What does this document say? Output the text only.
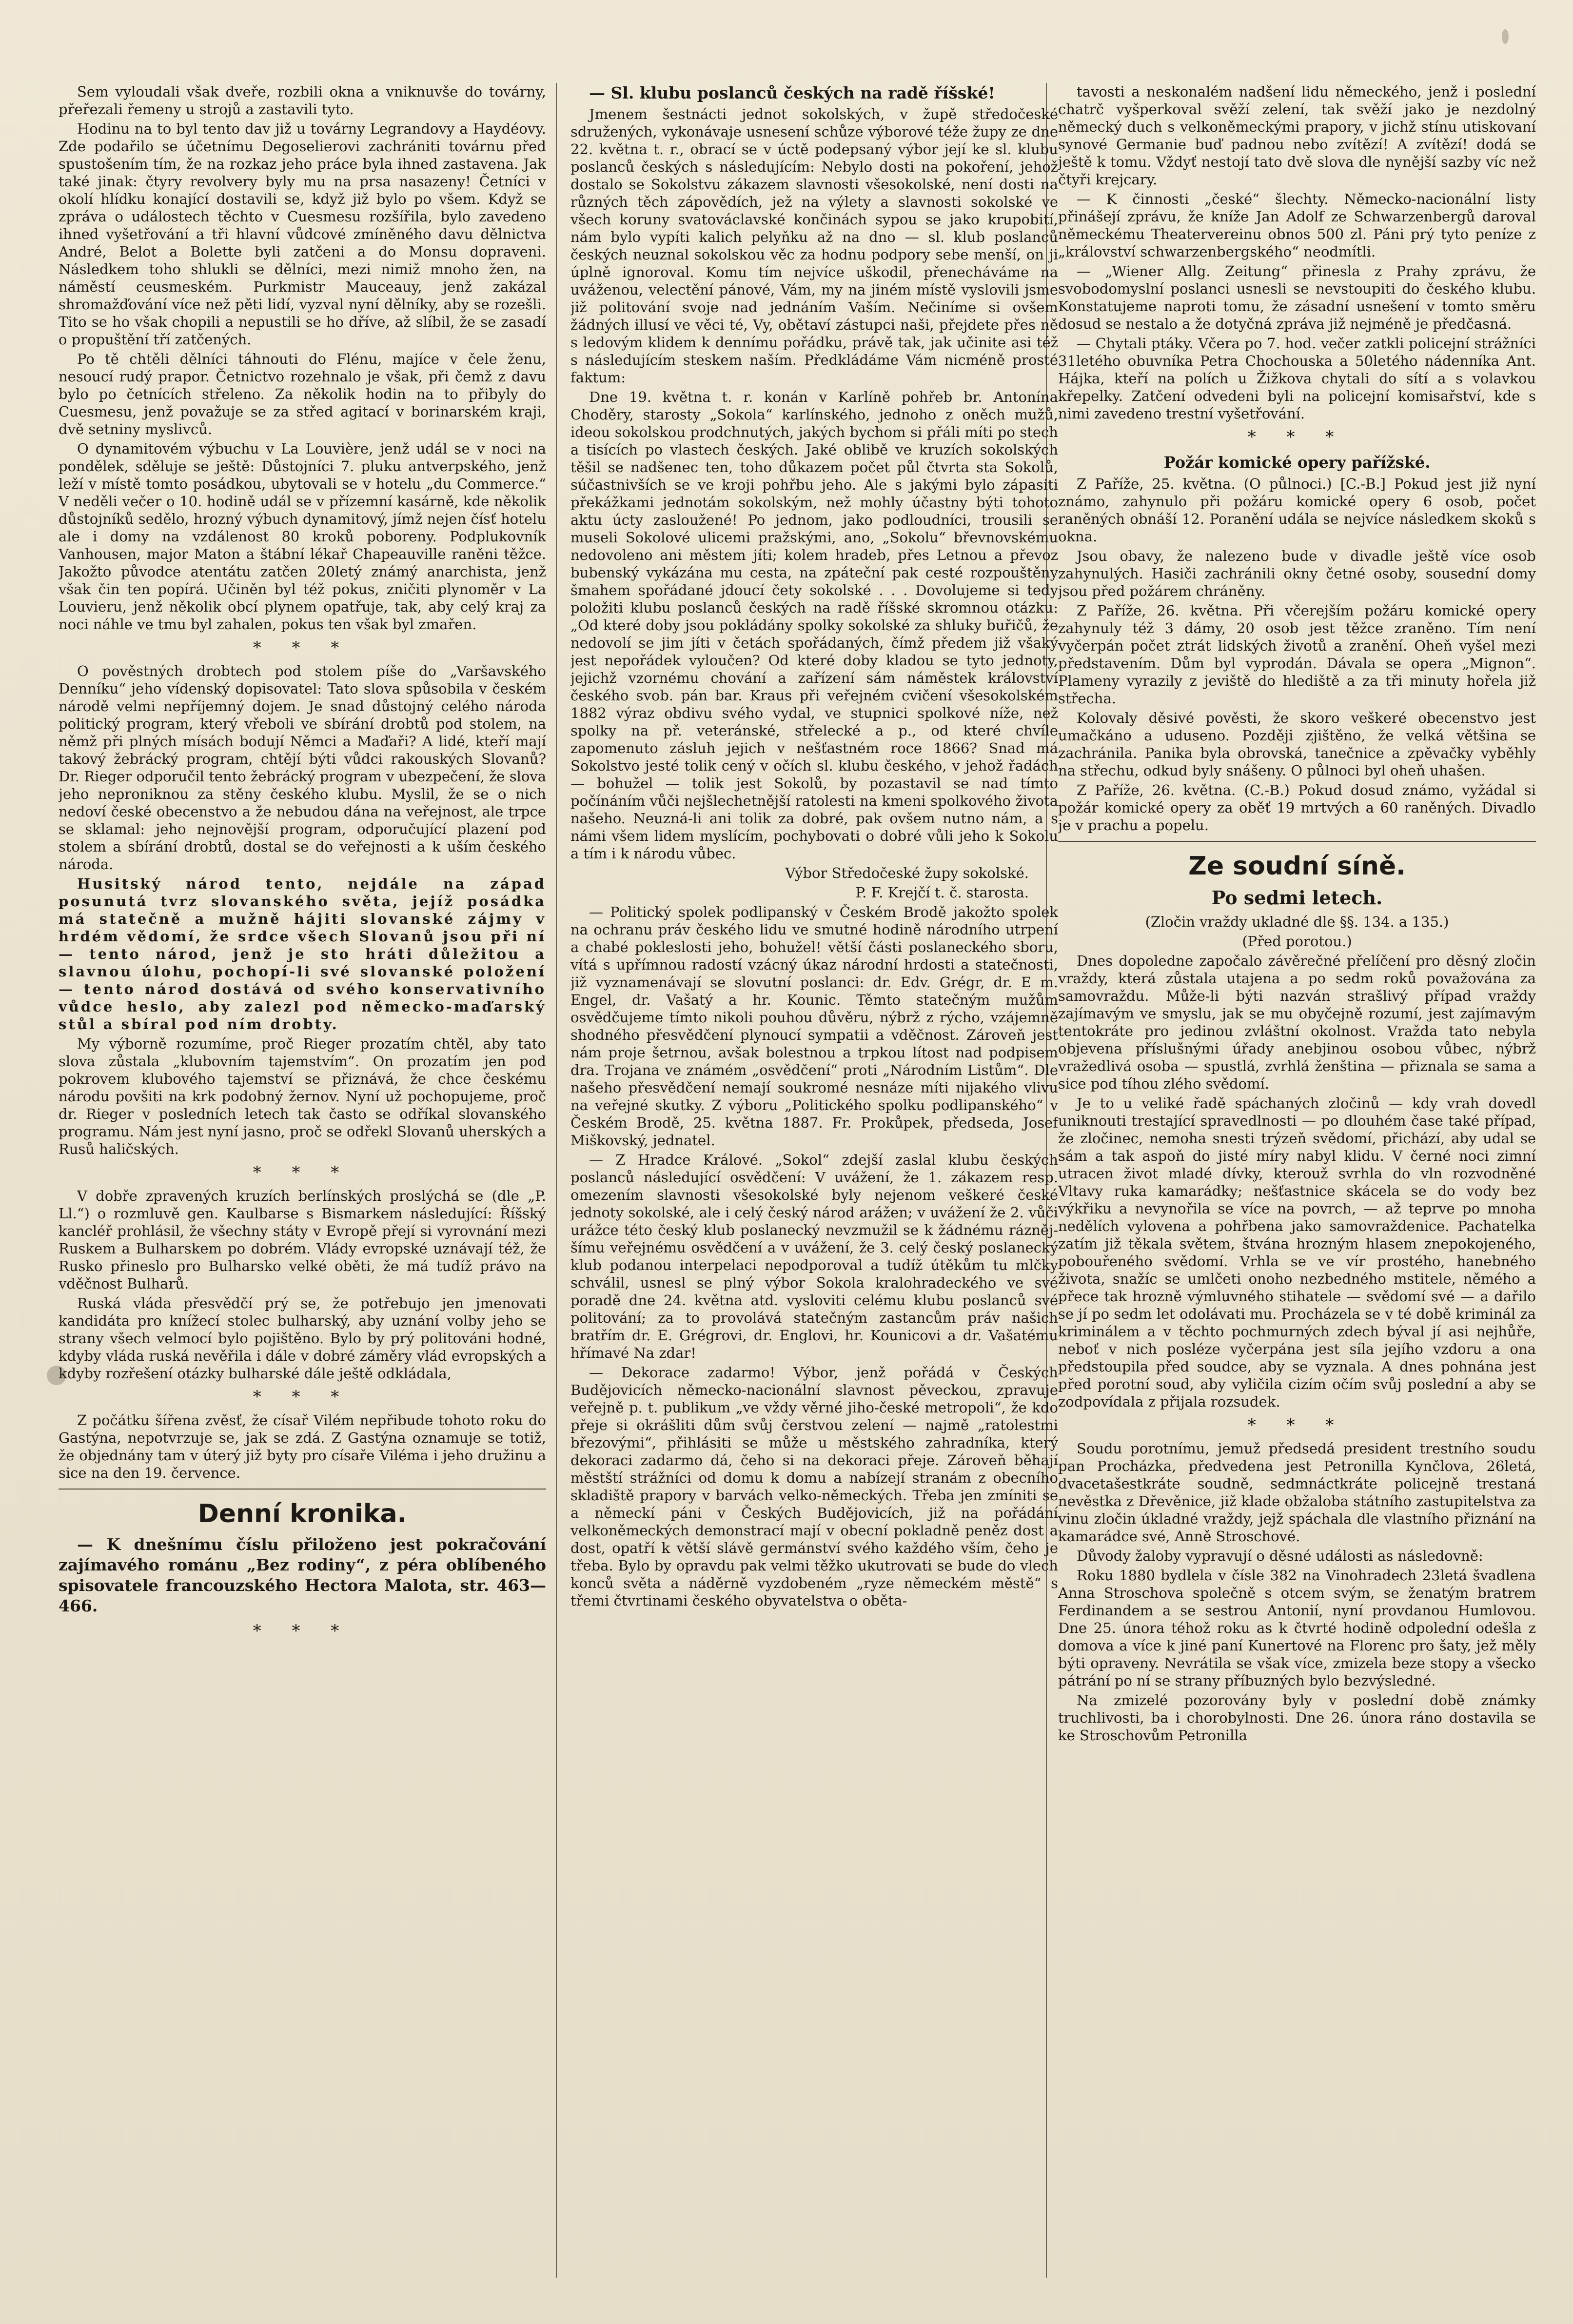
Sem vyloudali však dveře, rozbili okna a vniknuvše do továrny, přeřezali řemeny u strojů a zastavili tyto.

Hodinu na to byl tento dav již u továrny Legrandovy a Haydéovy. Zde podařilo se účetnímu Degoselierovi zachrániti továrnu před spustošením tím, že na rozkaz jeho práce byla ihned zastavena. Jak také jinak: čtyry revolvery byly mu na prsa nasazeny! Četníci v okolí hlídku konající dostavili se, když již bylo po všem. Když se zpráva o událostech těchto v Cuesmesu rozšířila, bylo zavedeno ihned vyšetřování a tři hlavní vůdcové zmíněného davu dělnictva André, Belot a Bolette byli zatčeni a do Monsu dopraveni. Následkem toho shlukli se dělníci, mezi nimiž mnoho žen, na náměstí ceusmeském. Purkmistr Mauceauy, jenž zakázal shromažďování více než pěti lidí, vyzval nyní dělníky, aby se rozešli. Tito se ho však chopili a nepustili se ho dříve, až slíbil, že se zasadí o propuštění tří zatčených.

Po tě chtěli dělníci táhnouti do Flénu, majíce v čele ženu, nesoucí rudý prapor. Četnictvo rozehnalo je však, při čemž z davu bylo po četnících střeleno. Za několik hodin na to přibyly do Cuesmesu, jenž považuje se za střed agitací v borinarském kraji, dvě setniny myslivců.

O dynamitovém výbuchu v La Louvière, jenž udál se v noci na pondělek, sděluje se ještě: Důstojníci 7. pluku antverpského, jenž leží v místě tomto posádkou, ubytovali se v hotelu „du Commerce.“ V neděli večer o 10. hodině udál se v přízemní kasárně, kde několik důstojníků sedělo, hrozný výbuch dynamitový, jímž nejen čísť hotelu ale i domy na vzdálenost 80 kroků poboreny. Podplukovník Vanhousen, major Maton a štábní lékař Chapeauville raněni těžce. Jakožto původce atentátu zatčen 20letý známý anarchista, jenž však čin ten popírá. Učiněn byl též pokus, zničiti plynoměr v La Louvieru, jenž několik obcí plynem opatřuje, tak, aby celý kraj za noci náhle ve tmu byl zahalen, pokus ten však byl zmařen.

* * *

O pověstných drobtech pod stolem píše do „Varšavského Denníku“ jeho vídenský dopisovatel: Tato slova spůsobila v českém národě velmi nepříjemný dojem. Je snad důstojný celého národa politický program, který vřeboli ve sbírání drobtů pod stolem, na němž při plných mísách bodují Němci a Maďaři? A lidé, kteří mají takový žebrácký program, chtějí býti vůdci rakouských Slovanů? Dr. Rieger odporučil tento žebrácký program v ubezpečení, že slova jeho neproniknou za stěny českého klubu. Myslil, že se o nich nedoví české obecenstvo a že nebudou dána na veřejnost, ale trpce se sklamal: jeho nejnovější program, odporučující plazení pod stolem a sbírání drobtů, dostal se do veřejnosti a k uším českého národa.

Husitský národ tento, nejdále na západ posunutá tvrz slovanského světa, jejíž posádka má statečně a mužně hájiti slovanské zájmy v hrdém vědomí, že srdce všech Slovanů jsou při ní — tento národ, jenž je sto hráti důležitou a slavnou úlohu, pochopí-li své slovanské položení — tento národ dostává od svého konservativního vůdce heslo, aby zalezl pod německo-maďarský stůl a sbíral pod ním drobty.

My výborně rozumíme, proč Rieger prozatím chtěl, aby tato slova zůstala „klubovním tajemstvím“. On prozatím jen pod pokrovem klubového tajemství se přiznává, že chce českému národu povšiti na krk podobný žernov. Nyní už pochopujeme, proč dr. Rieger v posledních letech tak často se odříkal slovanského programu. Nám jest nyní jasno, proč se odřekl Slovanů uherských a Rusů haličských.

* * *

V dobře zpravených kruzích berlínských proslýchá se (dle „P. Ll.“) o rozmluvě gen. Kaulbarse s Bismarkem následující: Říšský kancléř prohlásil, že všechny státy v Evropě přejí si vyrovnání mezi Ruskem a Bulharskem po dobrém. Vlády evropské uznávají též, že Rusko přineslo pro Bulharsko velké oběti, že má tudíž právo na vděčnost Bulharů.

Ruská vláda přesvědčí prý se, že potřebujo jen jmenovati kandidáta pro knížecí stolec bulharský, aby uznání volby jeho se strany všech velmocí bylo pojištěno. Bylo by prý politováni hodné, kdyby vláda ruská nevěřila i dále v dobré záměry vlád evropských a kdyby rozřešení otázky bulharské dále ještě odkládala,

* * *

Z počátku šířena zvěsť, že císař Vilém nepřibude tohoto roku do Gastýna, nepotvrzuje se, jak se zdá. Z Gastýna oznamuje se totiž, že objednány tam v úterý již byty pro císaře Viléma i jeho družinu a sice na den 19. července.

Denní kronika.

— K dnešnímu číslu přiloženo jest pokračování zajímavého románu „Bez rodiny“, z péra oblíbeného spisovatele francouzského Hectora Malota, str. 463—466.

* * *

— Sl. klubu poslanců českých na radě říšské!

Jmenem šestnácti jednot sokolských, v župě středočeské sdružených, vykonávaje usnesení schůze výborové téže župy ze dne 22. května t. r., obrací se v úctě podepsaný výbor její ke sl. klubu poslanců českých s následujícím: Nebylo dosti na pokoření, jehož dostalo se Sokolstvu zákazem slavnosti všesokolské, není dosti na různých těch zápovědích, jež na výlety a slavnosti sokolské ve všech koruny svatováclavské končinách sypou se jako krupobití, nám bylo vypíti kalich pelyňku až na dno — sl. klub poslanců českých neuznal sokolskou věc za hodnu podpory sebe menší, on ji úplně ignoroval. Komu tím nejvíce uškodil, přenecháváme na uváženou, velectění pánové, Vám, my na jiném místě vyslovili jsme již politování svoje nad jednáním Vaším. Nečiníme si ovšem žádných illusí ve věci té, Vy, obětaví zástupci naši, přejdete přes ně s ledovým klidem k dennímu pořádku, právě tak, jak učinite asi též s následujícím steskem naším. Předkládáme Vám nicméně prosté faktum:

Dne 19. května t. r. konán v Karlíně pohřeb br. Antonína Choděry, starosty „Sokola“ karlínského, jednoho z oněch mužů, ideou sokolskou prodchnutých, jakých bychom si přáli míti po stech a tisících po vlastech českých. Jaké oblibě ve kruzích sokolských těšil se nadšenec ten, toho důkazem počet půl čtvrta sta Sokolů, súčastnivších se ve kroji pohřbu jeho. Ale s jakými bylo zápasiti překážkami jednotám sokolským, než mohly účastny býti tohoto aktu úcty zasloužené! Po jednom, jako podloudníci, trousili se museli Sokolové ulicemi pražskými, ano, „Sokolu“ břevnovskému nedovoleno ani městem jíti; kolem hradeb, přes Letnou a převoz bubenský vykázána mu cesta, na zpáteční pak cesté rozpouštěny šmahem spořádané jdoucí čety sokolské . . . Dovolujeme si tedy položiti klubu poslanců českých na radě říšské skromnou otázku: „Od které doby jsou pokládány spolky sokolské za shluky buřičů, že nedovolí se jim jíti v četách spořádaných, čímž předem již všaký jest nepořádek vyloučen? Od které doby kladou se tyto jednoty, jejichž vzornému chování a zařízení sám náměstek království českého svob. pán bar. Kraus při veřejném cvičení všesokolském 1882 výraz obdivu svého vydal, ve stupnici spolkové níže, než spolky na př. veteránské, střelecké a p., od které chvíle zapomenuto zásluh jejich v nešťastném roce 1866? Snad má Sokolstvo jesté tolik cený v očích sl. klubu českého, v jehož řadách — bohužel — tolik jest Sokolů, by pozastavil se nad tímto počínáním vůči nejšlechetnější ratolesti na kmeni spolkového života našeho. Neuzná-li ani tolik za dobré, pak ovšem nutno nám, a s námi všem lidem myslícím, pochybovati o dobré vůli jeho k Sokolu a tím i k národu vůbec.

Výbor Středočeské župy sokolské.

P. F. Krejčí t. č. starosta.

— Politický spolek podlipanský v Českém Brodě jakožto spolek na ochranu práv českého lidu ve smutné hodině národního utrpení a chabé pokleslosti jeho, bohužel! větší části poslaneckého sboru, vítá s upřímnou radostí vzácný úkaz národní hrdosti a statečnosti, již vyznamenávají se slovutní poslanci: dr. Edv. Grégr, dr. E m. Engel, dr. Vašatý a hr. Kounic. Těmto statečným mužům osvědčujeme tímto nikoli pouhou důvěru, nýbrž z rýcho, vzájemně shodného přesvědčení plynoucí sympatii a vděčnost. Zároveň jest nám proje šetrnou, avšak bolestnou a trpkou lítost nad podpisem dra. Trojana ve známém „osvědčení“ proti „Národním Listům“. Dle našeho přesvědčení nemají soukromé nesnáze míti nijakého vlivu na veřejné skutky. Z výboru „Politického spolku podlipanského“ v Českém Brodě, 25. května 1887. Fr. Prokůpek, předseda, Josef Miškovský, jednatel.

— Z Hradce Králové. „Sokol“ zdejší zaslal klubu českých poslanců následující osvědčení: V uvážení, že 1. zákazem resp. omezením slavnosti všesokolské byly nejenom veškeré české jednoty sokolské, ale i celý český národ arážen; v uvážení že 2. vůči urážce této český klub poslanecký nevzmužil se k žádnému ráznějšímu veřejnému osvědčení a v uvážení, že 3. celý český poslanecký klub podanou interpelaci nepodporoval a tudíž útěkům tu mlčky schválil, usnesl se plný výbor Sokola kralohradeckého ve své poradě dne 24. května atd. vysloviti celému klubu poslanců své politování; za to provolává statečným zastancům práv našich bratřím dr. E. Grégrovi, dr. Englovi, hr. Kounicovi a dr. Vašatému hřímavé Na zdar!

— Dekorace zadarmo! Výbor, jenž pořádá v Českých Budějovicích německo-nacionální slavnost pěveckou, zpravuje veřejně p. t. publikum „ve vždy věrné jiho-české metropoli“, že kdo přeje si okrášliti dům svůj čerstvou zelení — najmě „ratolestmi březovými“, přihlásiti se může u městského zahradníka, který dekoraci zadarmo dá, čeho si na dekoraci přeje. Zároveň běhají městští strážníci od domu k domu a nabízejí stranám z obecního skladiště prapory v barvách velko-německých. Třeba jen zmíniti se a německí páni v Českých Budějovicích, již na pořádání velkoněmeckých demonstrací mají v obecní pokladně peněz dost a dost, opatří k větší slávě germánství svého každého vším, čeho je třeba. Bylo by opravdu pak velmi těžko ukutrovati se bude do vlech konců světa a náděrně vyzdobeném „ryze německém městě“ s třemi čtvrtinami českého obyvatelstva o oběta-

tavosti a neskonalém nadšení lidu německého, jenž i poslední chatrč vyšperkoval svěží zelení, tak svěží jako je nezdolný německý duch s velkoněmeckými prapory, v jichž stínu utiskovaní synové Germanie buď padnou nebo zvítězí! A zvítězí! dodá se ještě k tomu. Vždyť nestojí tato dvě slova dle nynější sazby víc než čtyři krejcary.

— K činnosti „české“ šlechty. Německo-nacionální listy přinášejí zprávu, že kníže Jan Adolf ze Schwarzenbergů daroval německému Theatervereinu obnos 500 zl. Páni prý tyto peníze z „království schwarzenbergského“ neodmítli.

— „Wiener Allg. Zeitung“ přinesla z Prahy zprávu, že svobodomyslní poslanci usnesli se nevstoupiti do českého klubu. Konstatujeme naproti tomu, že zásadní usnešení v tomto směru dosud se nestalo a že dotyčná zpráva již nejméně je předčasná.

— Chytali ptáky. Včera po 7. hod. večer zatkli policejní strážníci 31letého obuvníka Petra Chochouska a 50letého nádenníka Ant. Hájka, kteří na polích u Žižkova chytali do sítí a s volavkou křepelky. Zatčení odvedeni byli na policejní komisařství, kde s nimi zavedeno trestní vyšetřování.

* * *
Požár komické opery pařížské.

Z Paříže, 25. května. (O půlnoci.) [C.-B.] Pokud jest již nyní známo, zahynulo při požáru komické opery 6 osob, počet raněných obnáší 12. Poranění udála se nejvíce následkem skoků s okna.

Jsou obavy, že nalezeno bude v divadle ještě více osob zahynulých. Hasiči zachránili okny četné osoby, sousední domy jsou před požárem chráněny.

Z Paříže, 26. května. Při včerejším požáru komické opery zahynuly též 3 dámy, 20 osob jest těžce zraněno. Tím není vyčerpán počet ztrát lidských životů a zranění. Oheň vyšel mezi představením. Dům byl vyprodán. Dávala se opera „Mignon“. Plameny vyrazily z jeviště do hlediště a za tři minuty hořela již střecha.

Kolovaly děsivé pověsti, že skoro veškeré obecenstvo jest umačkáno a uduseno. Později zjištěno, že velká většina se zachránila. Panika byla obrovská, tanečnice a zpěvačky vyběhly na střechu, odkud byly snášeny. O půlnoci byl oheň uhašen.

Z Paříže, 26. května. (C.-B.) Pokud dosud známo, vyžádal si požár komické opery za oběť 19 mrtvých a 60 raněných. Divadlo je v prachu a popelu.

Ze soudní síně.
Po sedmi letech.
(Zločin vraždy ukladné dle §§. 134. a 135.)
(Před porotou.)

Dnes dopoledne započalo závěrečné přelíčení pro děsný zločin vraždy, která zůstala utajena a po sedm roků považována za samovraždu. Může-li býti nazván strašlivý případ vraždy zajímavým ve smyslu, jak se mu obyčejně rozumí, jest zajímavým tentokráte pro jedinou zvláštní okolnost. Vražda tato nebyla objevena příslušnými úřady anebjinou osobou vůbec, nýbrž vražedlivá osoba — spustlá, zvrhlá ženština — přiznala se sama a sice pod tíhou zlého svědomí.

Je to u veliké řadě spáchaných zločinů — kdy vrah dovedl uniknouti trestající spravedlnosti — po dlouhém čase také případ, že zločinec, nemoha snesti trýzeň svědomí, přichází, aby udal se sám a tak aspoň do jisté míry nabyl klidu. V černé noci zimní utracen život mladé dívky, kterouž svrhla do vln rozvodněné Vltavy ruka kamarádky; nešťastnice skácela se do vody bez výkřiku a nevynořila se více na povrch, — až teprve po mnoha nedělích vylovena a pohřbena jako samovraždenice. Pachatelka zatím již těkala světem, štvána hrozným hlasem znepokojeného, pobouřeného svědomí. Vrhla se ve vír prostého, hanebného života, snažíc se umlčeti onoho nezbedného mstitele, němého a přece tak hrozně výmluvného stihatele — svědomí své — a dařilo se jí po sedm let odolávati mu. Procházela se v té době kriminál za kriminálem a v těchto pochmurných zdech býval jí asi nejhůře, neboť v nich posléze vyčerpána jest síla jejího vzdoru a ona předstoupila před soudce, aby se vyznala. A dnes pohnána jest před porotní soud, aby vyličila cizím očím svůj poslední a aby se zodpovídala z přijala rozsudek.

* * *

Soudu porotnímu, jemuž předsedá president trestního soudu pan Procházka, předvedena jest Petronilla Kynčlova, 26letá, dvacetašestkráte soudně, sedmnáctkráte policejně trestaná nevěstka z Dřevěnice, již klade obžaloba státního zastupitelstva za vinu zločin úkladné vraždy, jejž spáchala dle vlastního přiznání na kamarádce své, Anně Stroschové.

Důvody žaloby vypravují o děsné události as následovně:

Roku 1880 bydlela v čísle 382 na Vinohradech 23letá švadlena Anna Stroschova společně s otcem svým, se ženatým bratrem Ferdinandem a se sestrou Antonií, nyní provdanou Humlovou. Dne 25. února téhož roku as k čtvrté hodině odpolední odešla z domova a více k jiné paní Kunertové na Florenc pro šaty, jež měly býti opraveny. Nevrátila se však více, zmizela beze stopy a všecko pátrání po ní se strany příbuzných bylo bezvýsledné.

Na zmizelé pozorovány byly v poslední době známky truchlivosti, ba i chorobylnosti. Dne 26. února ráno dostavila se ke Stroschovům Petronilla
